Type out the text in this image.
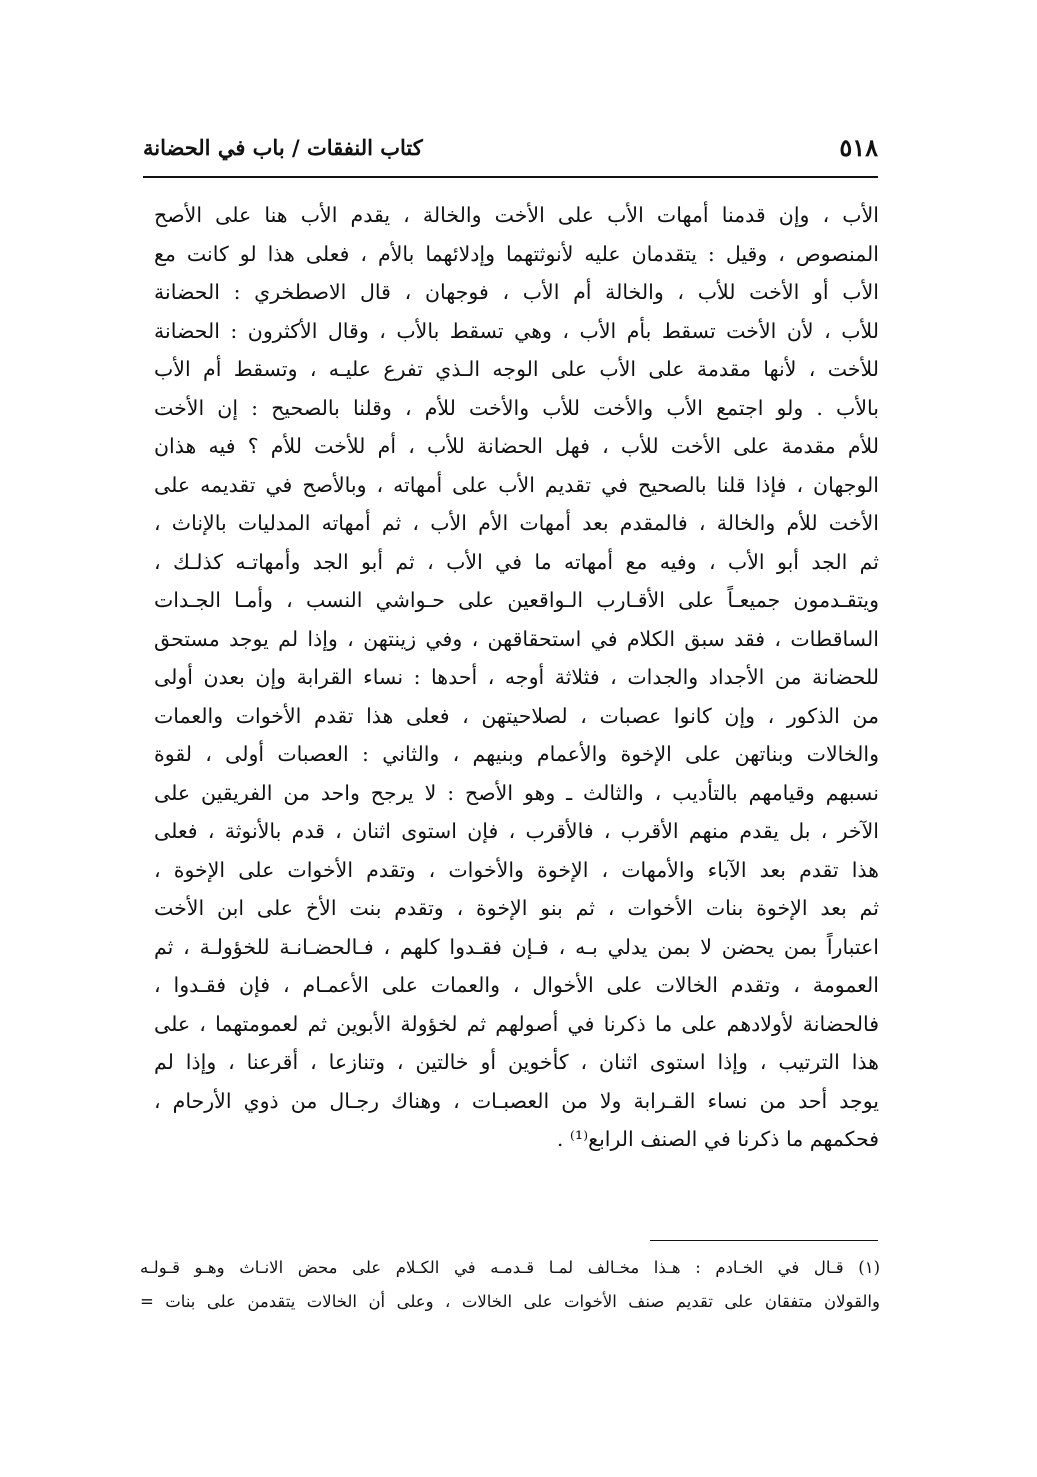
٥١٨
كتاب النفقات / باب في الحضانة
الأب ، وإن قدمنا أمهات الأب على الأخت والخالة ، يقدم الأب هنا على الأصح
المنصوص ، وقيل : يتقدمان عليه لأنوثتهما وإدلائهما بالأم ، فعلى هذا لو كانت مع
الأب أو الأخت للأب ، والخالة أم الأب ، فوجهان ، قال الاصطخري : الحضانة
للأب ، لأن الأخت تسقط بأم الأب ، وهي تسقط بالأب ، وقال الأكثرون : الحضانة
للأخت ، لأنها مقدمة على الأب على الوجه الـذي تفرع عليـه ، وتسقط أم الأب
بالأب . ولو اجتمع الأب والأخت للأب والأخت للأم ، وقلنا بالصحيح : إن الأخت
للأم مقدمة على الأخت للأب ، فهل الحضانة للأب ، أم للأخت للأم ؟ فيه هذان
الوجهان ، فإذا قلنا بالصحيح في تقديم الأب على أمهاته ، وبالأصح في تقديمه على
الأخت للأم والخالة ، فالمقدم بعد أمهات الأم الأب ، ثم أمهاته المدليات بالإناث ،
ثم الجد أبو الأب ، وفيه مع أمهاته ما في الأب ، ثم أبو الجد وأمهاتـه كذلـك ،
ويتقـدمون جميعـاً على الأقـارب الـواقعين على حـواشي النسب ، وأمـا الجـدات
الساقطات ، فقد سبق الكلام في استحقاقهن ، وفي زينتهن ، وإذا لم يوجد مستحق
للحضانة من الأجداد والجدات ، فثلاثة أوجه ، أحدها : نساء القرابة وإن بعدن أولى
من الذكور ، وإن كانوا عصبات ، لصلاحيتهن ، فعلى هذا تقدم الأخوات والعمات
والخالات وبناتهن على الإخوة والأعمام وبنيهم ، والثاني : العصبات أولى ، لقوة
نسبهم وقيامهم بالتأديب ، والثالث ـ وهو الأصح : لا يرجح واحد من الفريقين على
الآخر ، بل يقدم منهم الأقرب ، فالأقرب ، فإن استوى اثنان ، قدم بالأنوثة ، فعلى
هذا تقدم بعد الآباء والأمهات ، الإخوة والأخوات ، وتقدم الأخوات على الإخوة ،
ثم بعد الإخوة بنات الأخوات ، ثم بنو الإخوة ، وتقدم بنت الأخ على ابن الأخت
اعتباراً بمن يحضن لا بمن يدلي بـه ، فـإن فقـدوا كلهم ، فـالحضـانـة للخؤولـة ، ثم
العمومة ، وتقدم الخالات على الأخوال ، والعمات على الأعمـام ، فإن فقـدوا ،
فالحضانة لأولادهم على ما ذكرنا في أصولهم ثم لخؤولة الأبوين ثم لعمومتهما ، على
هذا الترتيب ، وإذا استوى اثنان ، كأخوين أو خالتين ، وتنازعا ، أقرعنا ، وإذا لم
يوجد أحد من نساء القـرابة ولا من العصبـات ، وهناك رجـال من ذوي الأرحام ،
فحكمهم ما ذكرنا في الصنف الرابع⁽¹⁾ .
(١) قـال في الخـادم : هـذا مخـالف لمـا قـدمـه في الكـلام على محض الانـاث وهـو قـولـه
والقولان متفقان على تقديم صنف الأخوات على الخالات ، وعلى أن الخالات يتقدمن على بنات =
